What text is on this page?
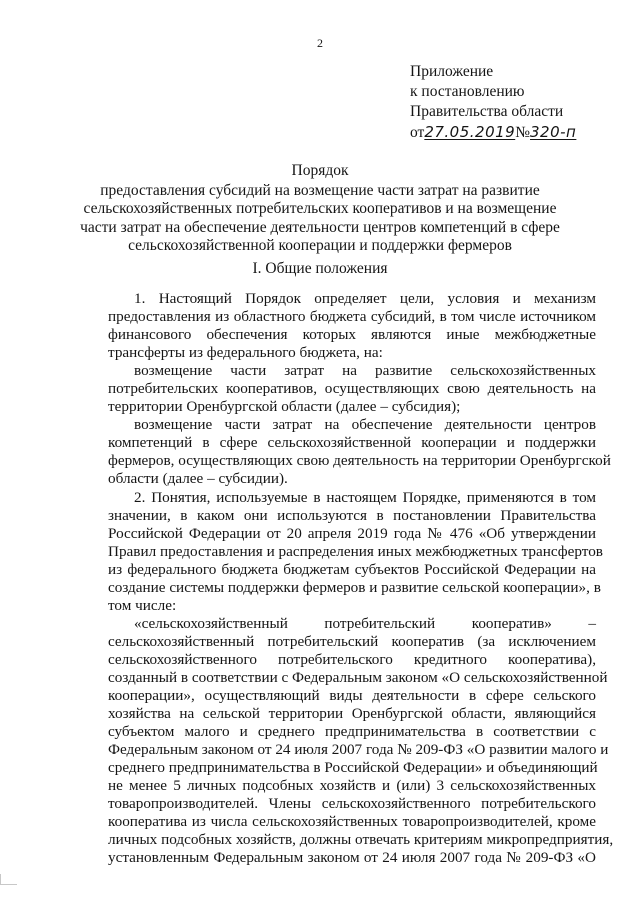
2
Приложение
к постановлению
Правительства области
от27.05.2019№320-п
Порядок
предоставления субсидий на возмещение части затрат на развитие
сельскохозяйственных потребительских кооперативов и на возмещение
части затрат на обеспечение деятельности центров компетенций в сфере
сельскохозяйственной кооперации и поддержки фермеров
I. Общие положения
1. Настоящий Порядок определяет цели, условия и механизм
предоставления из областного бюджета субсидий, в том числе источником
финансового обеспечения которых являются иные межбюджетные
трансферты из федерального бюджета, на:
возмещение части затрат на развитие сельскохозяйственных
потребительских кооперативов, осуществляющих свою деятельность на
территории Оренбургской области (далее – субсидия);
возмещение части затрат на обеспечение деятельности центров
компетенций в сфере сельскохозяйственной кооперации и поддержки
фермеров, осуществляющих свою деятельность на территории Оренбургской
области (далее – субсидии).
2. Понятия, используемые в настоящем Порядке, применяются в том
значении, в каком они используются в постановлении Правительства
Российской Федерации от 20 апреля 2019 года № 476 «Об утверждении
Правил предоставления и распределения иных межбюджетных трансфертов
из федерального бюджета бюджетам субъектов Российской Федерации на
создание системы поддержки фермеров и развитие сельской кооперации», в
том числе:
«сельскохозяйственный потребительский кооператив» –
сельскохозяйственный потребительский кооператив (за исключением
сельскохозяйственного потребительского кредитного кооператива),
созданный в соответствии с Федеральным законом «О сельскохозяйственной
кооперации», осуществляющий виды деятельности в сфере сельского
хозяйства на сельской территории Оренбургской области, являющийся
субъектом малого и среднего предпринимательства в соответствии с
Федеральным законом от 24 июля 2007 года № 209-ФЗ «О развитии малого и
среднего предпринимательства в Российской Федерации» и объединяющий
не менее 5 личных подсобных хозяйств и (или) 3 сельскохозяйственных
товаропроизводителей. Члены сельскохозяйственного потребительского
кооператива из числа сельскохозяйственных товаропроизводителей, кроме
личных подсобных хозяйств, должны отвечать критериям микропредприятия,
установленным Федеральным законом от 24 июля 2007 года № 209-ФЗ «О
